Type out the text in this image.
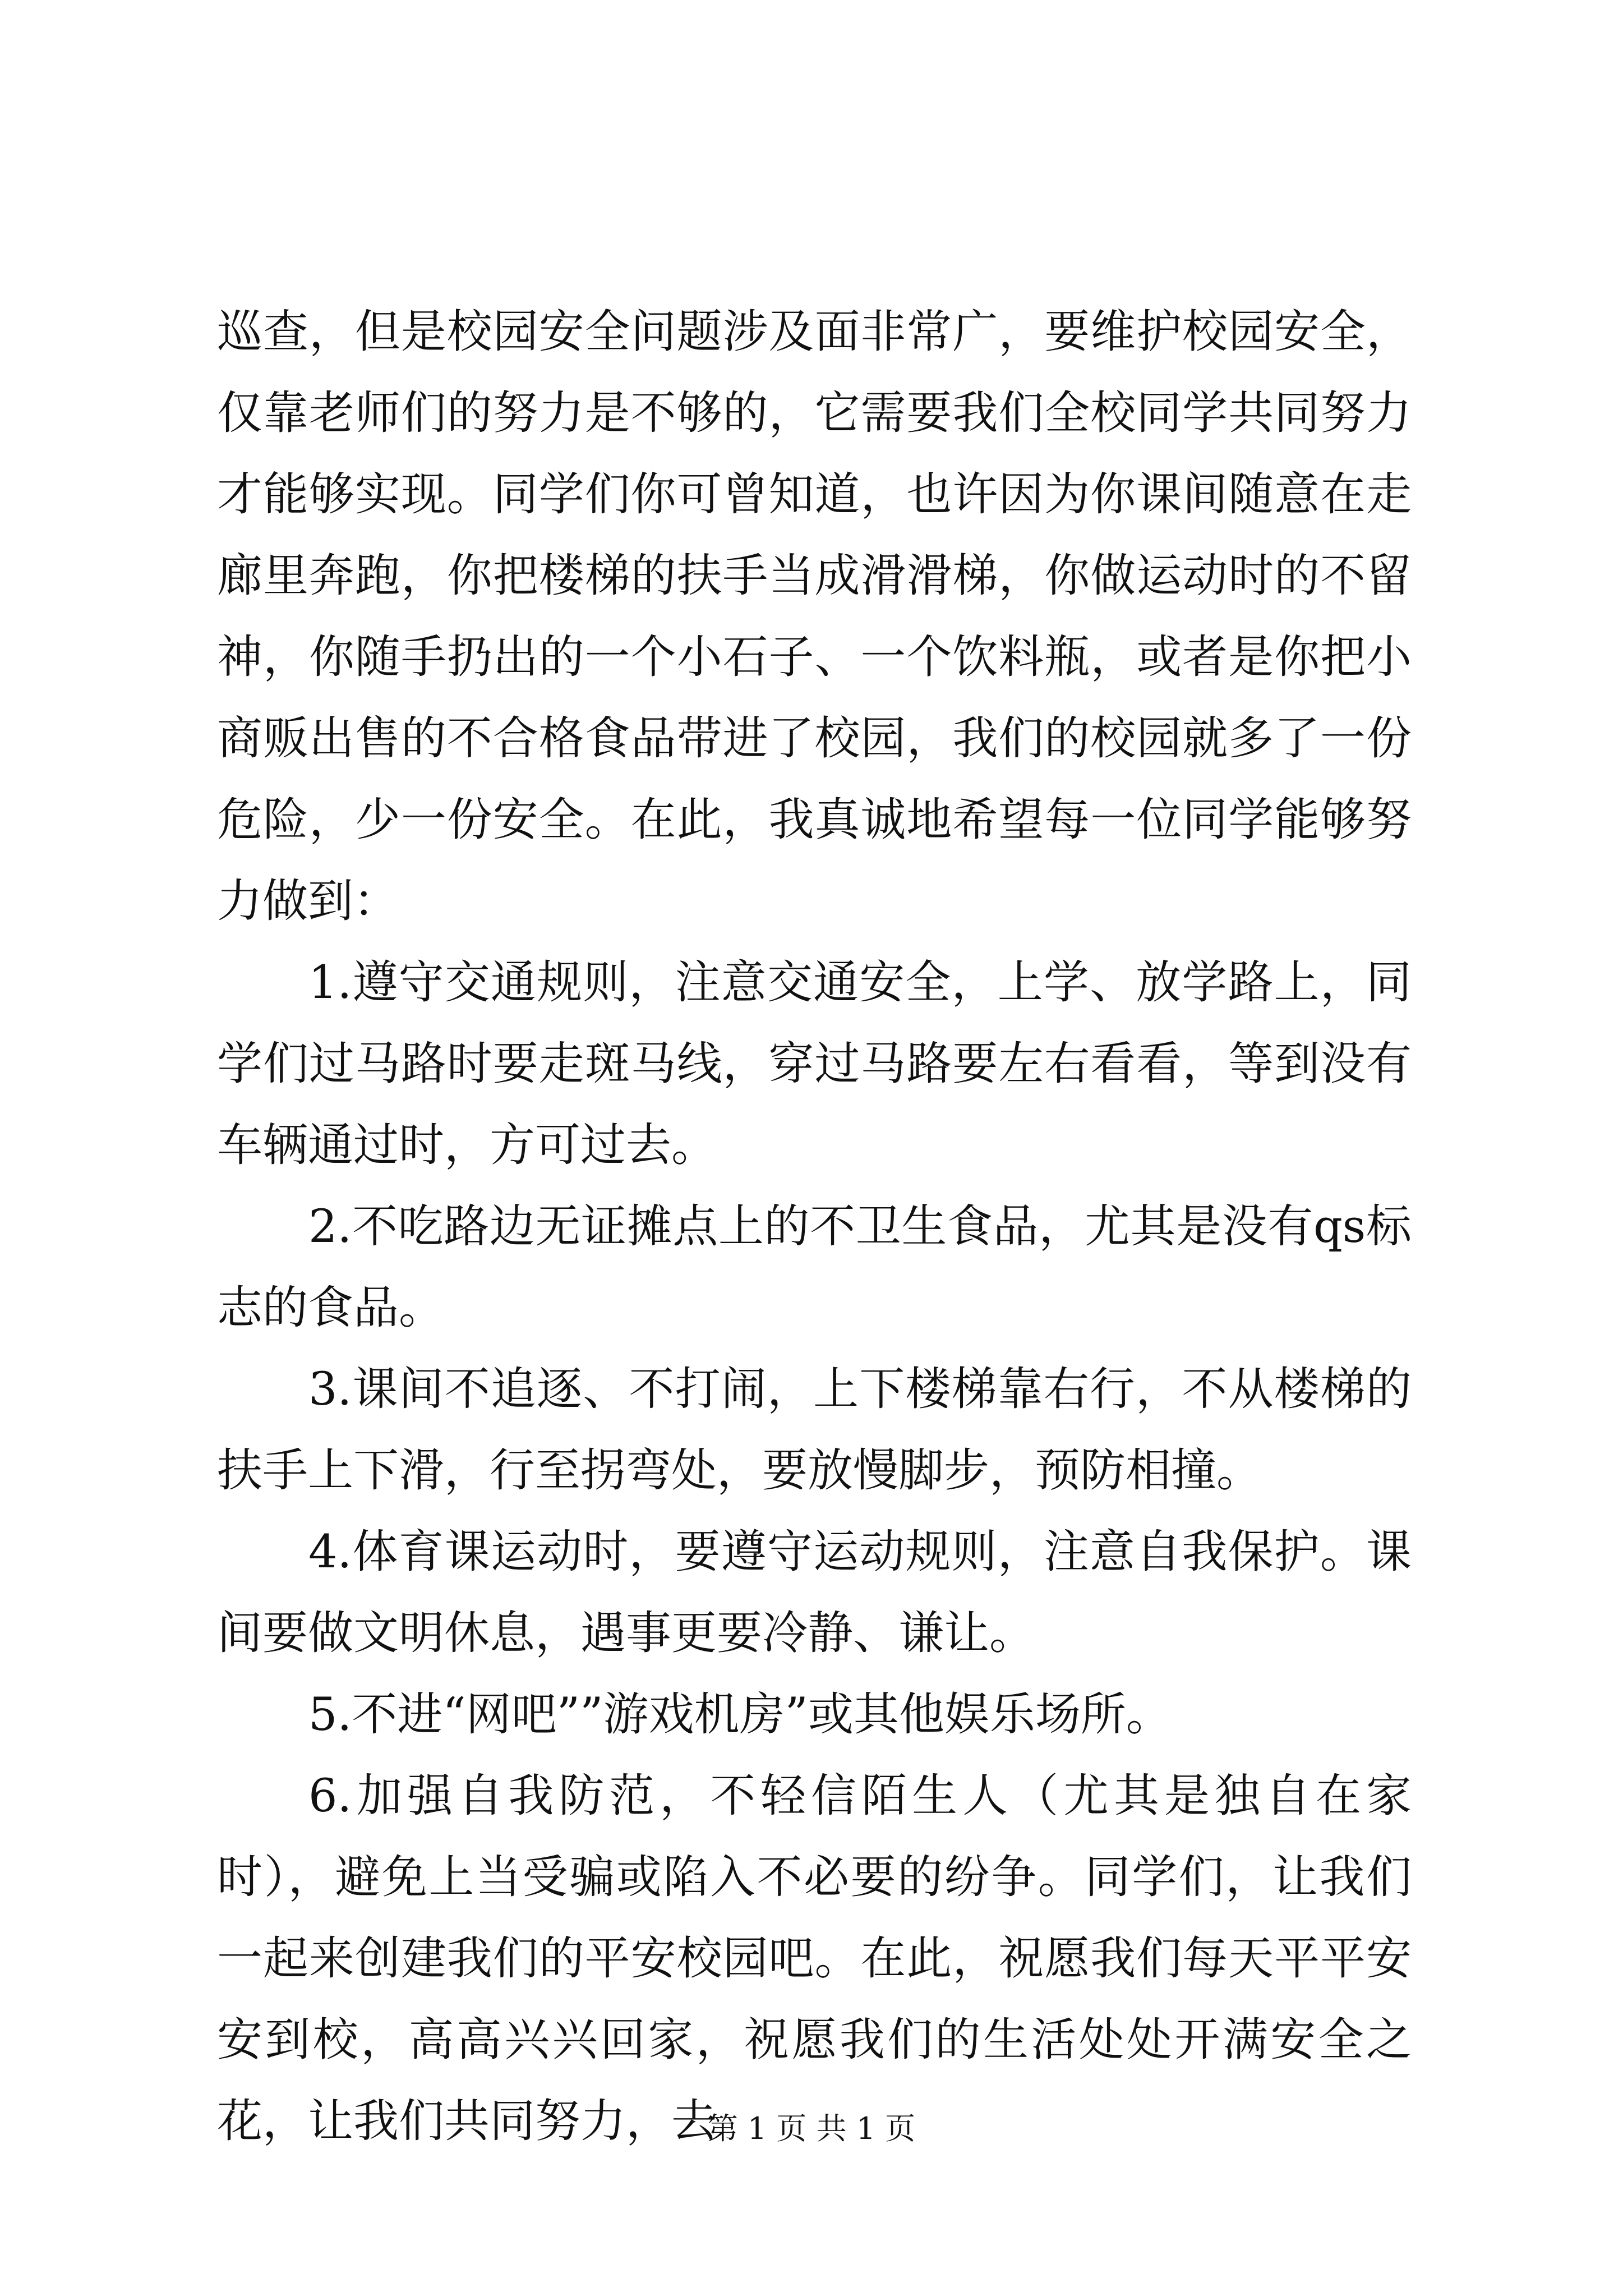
巡查，但是校园安全问题涉及面非常广，要维护校园安全，仅靠老师们的努力是不够的，它需要我们全校同学共同努力才能够实现。同学们你可曾知道，也许因为你课间随意在走廊里奔跑，你把楼梯的扶手当成滑滑梯，你做运动时的不留神，你随手扔出的一个小石子、一个饮料瓶，或者是你把小商贩出售的不合格食品带进了校园，我们的校园就多了一份危险，少一份安全。在此，我真诚地希望每一位同学能够努力做到：

1.遵守交通规则，注意交通安全，上学、放学路上，同学们过马路时要走斑马线，穿过马路要左右看看，等到没有车辆通过时，方可过去。

2.不吃路边无证摊点上的不卫生食品，尤其是没有qs标志的食品。

3.课间不追逐、不打闹，上下楼梯靠右行，不从楼梯的扶手上下滑，行至拐弯处，要放慢脚步，预防相撞。

4.体育课运动时，要遵守运动规则，注意自我保护。课间要做文明休息，遇事更要冷静、谦让。

5.不进“网吧””游戏机房”或其他娱乐场所。

6.加强自我防范，不轻信陌生人（尤其是独自在家时），避免上当受骗或陷入不必要的纷争。同学们，让我们一起来创建我们的平安校园吧。在此，祝愿我们每天平平安安到校，高高兴兴回家，祝愿我们的生活处处开满安全之花，让我们共同努力，去

第 1 页 共 1 页
